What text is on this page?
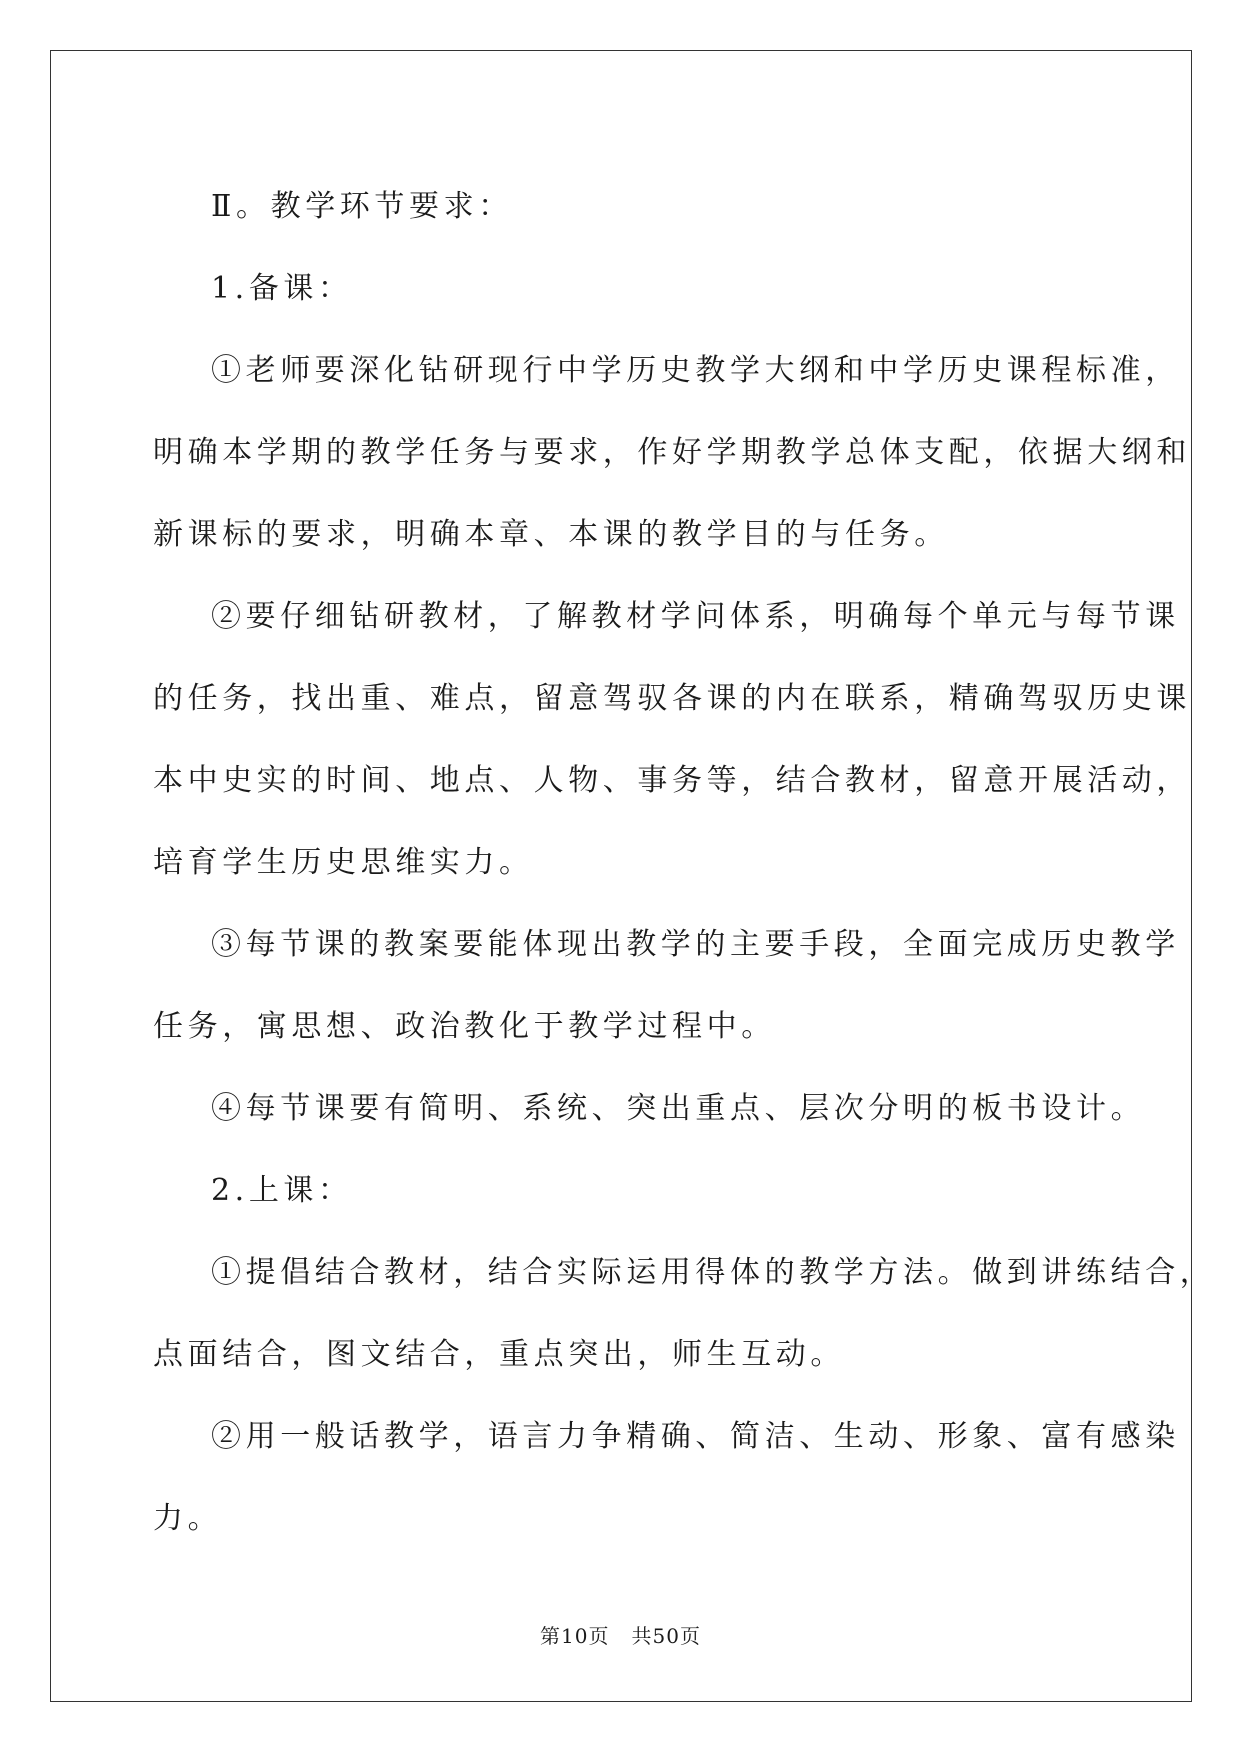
Ⅱ。教学环节要求：
1.备课：
①老师要深化钻研现行中学历史教学大纲和中学历史课程标准，
明确本学期的教学任务与要求，作好学期教学总体支配，依据大纲和
新课标的要求，明确本章、本课的教学目的与任务。
②要仔细钻研教材，了解教材学问体系，明确每个单元与每节课
的任务，找出重、难点，留意驾驭各课的内在联系，精确驾驭历史课
本中史实的时间、地点、人物、事务等，结合教材，留意开展活动，
培育学生历史思维实力。
③每节课的教案要能体现出教学的主要手段，全面完成历史教学
任务，寓思想、政治教化于教学过程中。
④每节课要有简明、系统、突出重点、层次分明的板书设计。
2.上课：
①提倡结合教材，结合实际运用得体的教学方法。做到讲练结合，
点面结合，图文结合，重点突出，师生互动。
②用一般话教学，语言力争精确、简洁、生动、形象、富有感染
力。
第10页 共50页
